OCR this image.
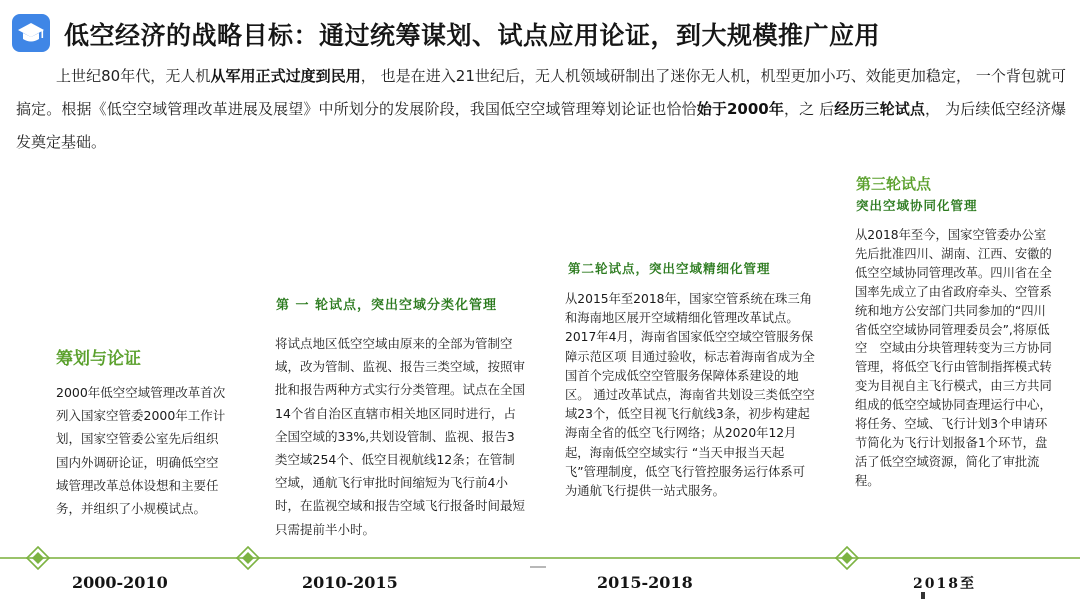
低空经济的战略目标：通过统筹谋划、试点应用论证，到大规模推广应用
上世纪80年代，无人机从军用正式过度到民用， 也是在进入21世纪后，无人机领域研制出了迷你无人机，机型更加小巧、效能更加稳定， 一个背包就可搞定。根据《低空空域管理改革进展及展望》中所划分的发展阶段，我国低空空域管理筹划论证也恰恰始于2000年，之 后经历三轮试点， 为后续低空经济爆发奠定基础。
筹划与论证
2000年低空空域管理改革首次列入国家空管委2000年工作计划，国家空管委公室先后组织国内外调研论证，明确低空空域管理改革总体设想和主要任务，并组织了小规模试点。
第 一 轮试点，突出空域分类化管理
将试点地区低空空域由原来的全部为管制空域，改为管制、监视、报告三类空域，按照审批和报告两种方式实行分类管理。试点在全国14个省自治区直辖市相关地区同时进行，占全国空域的33%,共划设管制、监视、报告3类空域254个、低空目视航线12条；在管制空域，通航飞行审批时间缩短为飞行前4小时，在监视空域和报告空域飞行报备时间最短只需提前半小时。
第二轮试点，突出空域精细化管理
从2015年至2018年，国家空管系统在珠三角和海南地区展开空域精细化管理改革试点。2017年4月，海南省国家低空空域空管服务保障示范区项 目通过验收，标志着海南省成为全国首个完成低空空管服务保障体系建设的地区。 通过改革试点，海南省共划设三类低空空域23个，低空目视飞行航线3条，初步构建起海南全省的低空飞行网络；从2020年12月起，海南低空空域实行 “当天申报当天起飞”管理制度，低空飞行管控服务运行体系可为通航飞行提供一站式服务。
第三轮试点
突出空域协同化管理
从2018年至今，国家空管委办公室先后批准四川、湖南、江西、安徽的低空空域协同管理改革。四川省在全国率先成立了由省政府牵头、空管系统和地方公安部门共同参加的“四川省低空空域协同管理委员会”,将原低空　空域由分块管理转变为三方协同管理，将低空飞行由管制指挥模式转变为目视自主飞行模式，由三方共同组成的低空空域协同查理运行中心，将任务、空域、飞行计划3个申请环节简化为飞行计划报备1个环节，盘活了低空空域资源，简化了审批流程。
2000-2010	2010-2015	2015-2018	2018至
